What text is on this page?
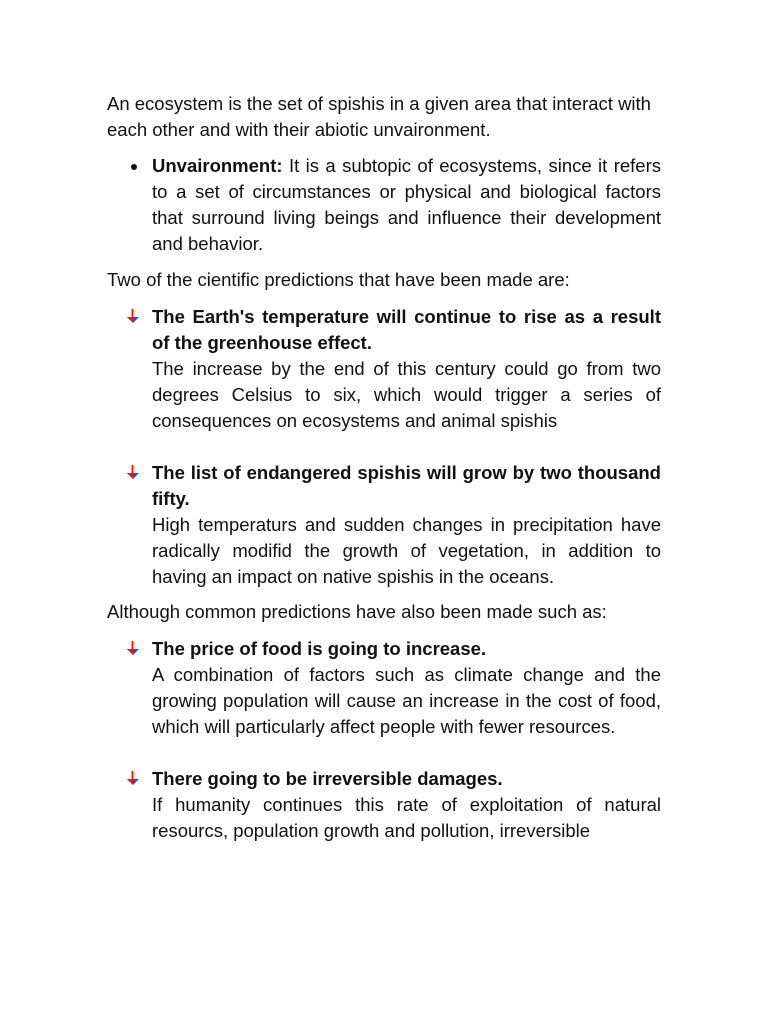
An ecosystem is the set of spishis in a given area that interact with each other and with their abiotic unvaironment.

Unvaironment: It is a subtopic of ecosystems, since it refers to a set of circumstances or physical and biological factors that surround living beings and influence their development and behavior.

Two of the cientific predictions that have been made are:

The Earth's temperature will continue to rise as a result of the greenhouse effect.
The increase by the end of this century could go from two degrees Celsius to six, which would trigger a series of consequences on ecosystems and animal spishis
The list of endangered spishis will grow by two thousand fifty.
High temperaturs and sudden changes in precipitation have radically modifid the growth of vegetation, in addition to having an impact on native spishis in the oceans.

Although common predictions have also been made such as:

The price of food is going to increase.
A combination of factors such as climate change and the growing population will cause an increase in the cost of food, which will particularly affect people with fewer resources.
There going to be irreversible damages.
If humanity continues this rate of exploitation of natural resourcs, population growth and pollution, irreversible
